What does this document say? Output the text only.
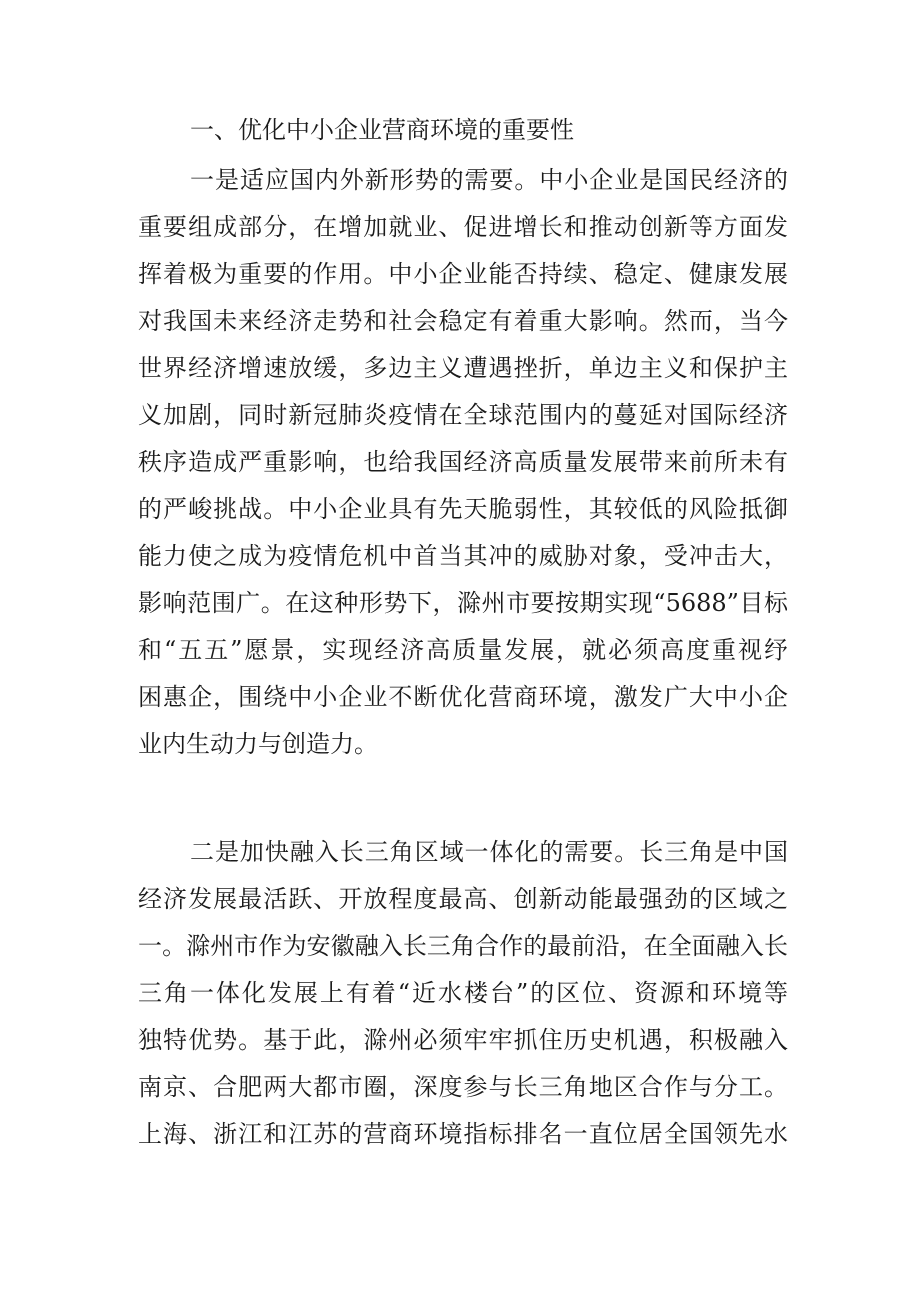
一、优化中小企业营商环境的重要性
一是适应国内外新形势的需要。中小企业是国民经济的
重要组成部分，在增加就业、促进增长和推动创新等方面发
挥着极为重要的作用。中小企业能否持续、稳定、健康发展
对我国未来经济走势和社会稳定有着重大影响。然而，当今
世界经济增速放缓，多边主义遭遇挫折，单边主义和保护主
义加剧，同时新冠肺炎疫情在全球范围内的蔓延对国际经济
秩序造成严重影响，也给我国经济高质量发展带来前所未有
的严峻挑战。中小企业具有先天脆弱性，其较低的风险抵御
能力使之成为疫情危机中首当其冲的威胁对象，受冲击大，
影响范围广。在这种形势下，滁州市要按期实现“5688”目标
和“五五”愿景，实现经济高质量发展，就必须高度重视纾
困惠企，围绕中小企业不断优化营商环境，激发广大中小企
业内生动力与创造力。
二是加快融入长三角区域一体化的需要。长三角是中国
经济发展最活跃、开放程度最高、创新动能最强劲的区域之
一。滁州市作为安徽融入长三角合作的最前沿，在全面融入长
三角一体化发展上有着“近水楼台”的区位、资源和环境等
独特优势。基于此，滁州必须牢牢抓住历史机遇，积极融入
南京、合肥两大都市圈，深度参与长三角地区合作与分工。
上海、浙江和江苏的营商环境指标排名一直位居全国领先水
